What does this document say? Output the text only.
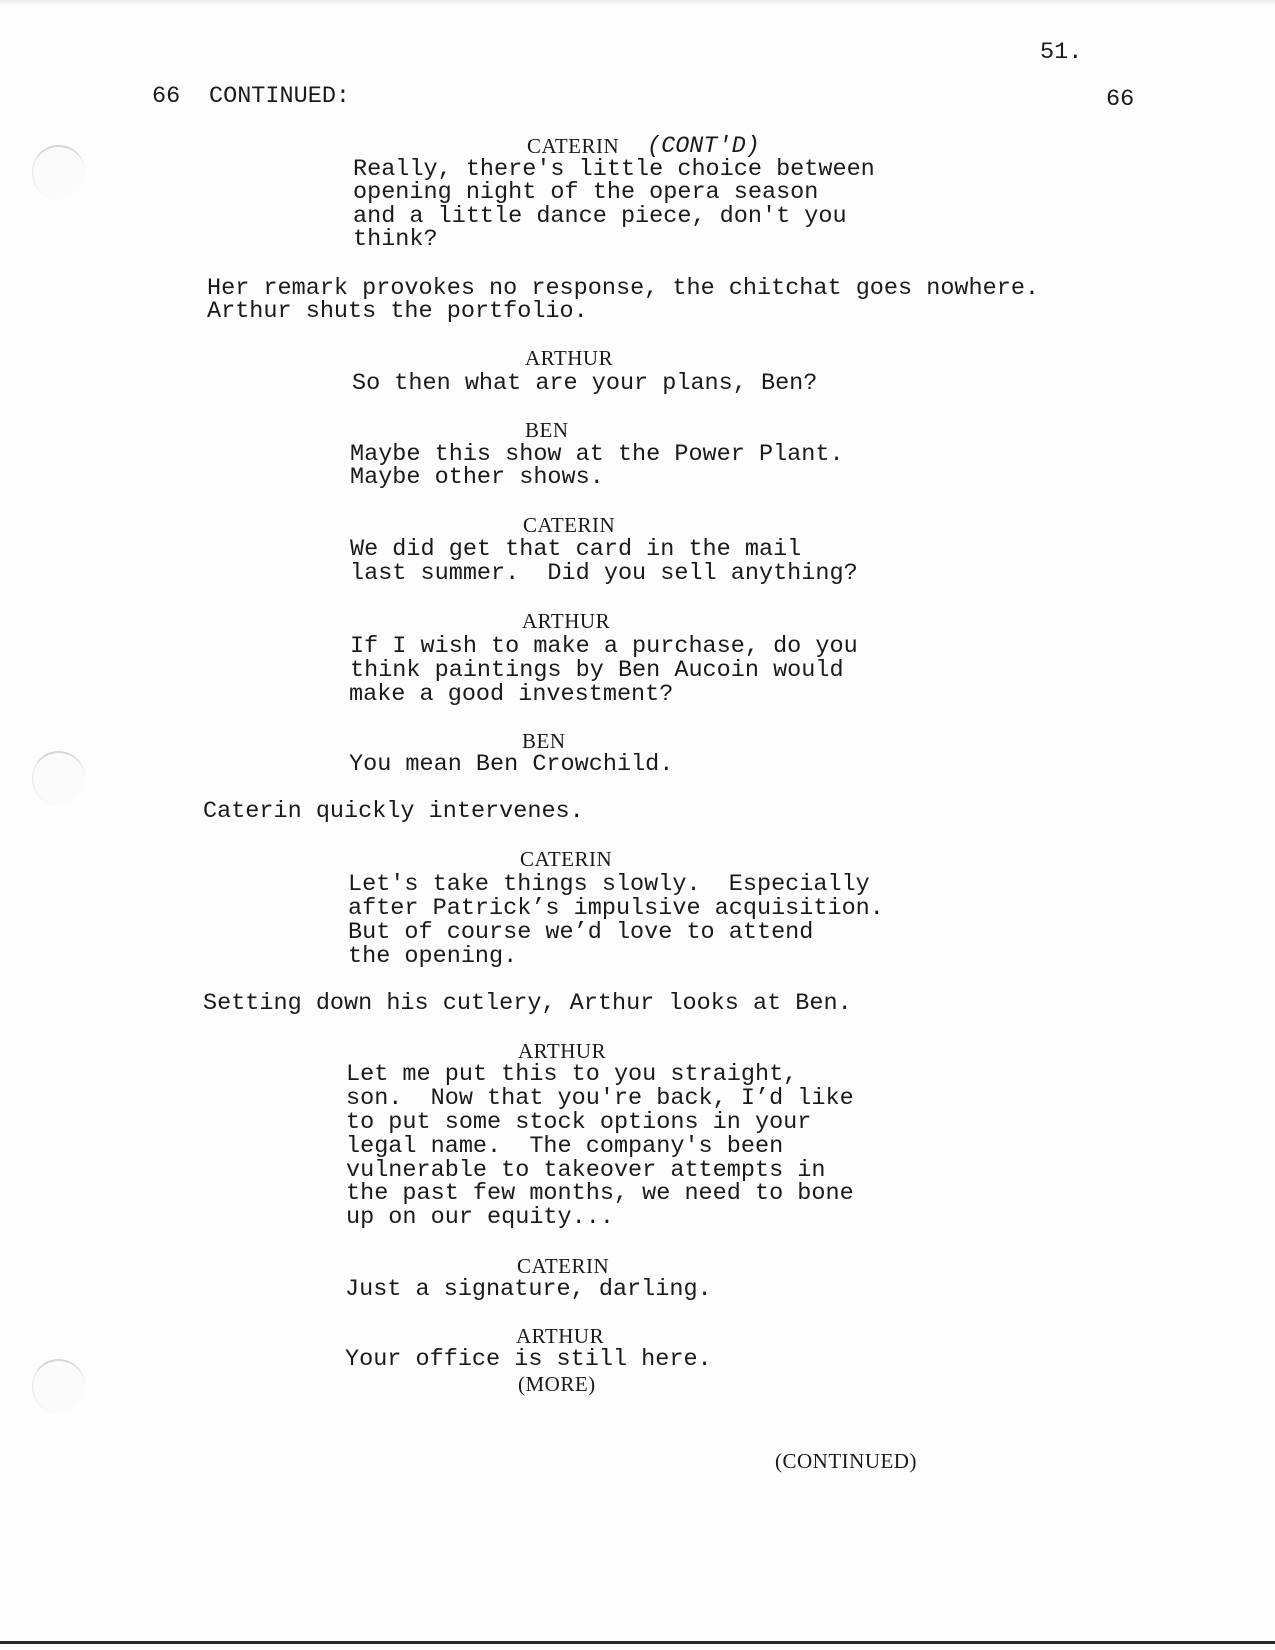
51.

66 CONTINUED:	66

CATERIN (CONT'D)

Really, there's little choice between

opening night of the opera season

and a little dance piece, don't you

think?

Her remark provokes no response, the chitchat goes nowhere.

Arthur shuts the portfolio.

ARTHUR

So then what are your plans, Ben?

BEN

Maybe this show at the Power Plant.

Maybe other shows.

CATERIN

We did get that card in the mail

last summer.  Did you sell anything?

ARTHUR

If I wish to make a purchase, do you

think paintings by Ben Aucoin would

make a good investment?

BEN

You mean Ben Crowchild.

Caterin quickly intervenes.

CATERIN

Let's take things slowly.  Especially

after Patrick’s impulsive acquisition.

But of course we’d love to attend

the opening.

Setting down his cutlery, Arthur looks at Ben.

ARTHUR

Let me put this to you straight,

son.  Now that you're back, I’d like

to put some stock options in your

legal name.  The company's been

vulnerable to takeover attempts in

the past few months, we need to bone

up on our equity...

CATERIN

Just a signature, darling.

ARTHUR

Your office is still here.

(MORE)

(CONTINUED)
